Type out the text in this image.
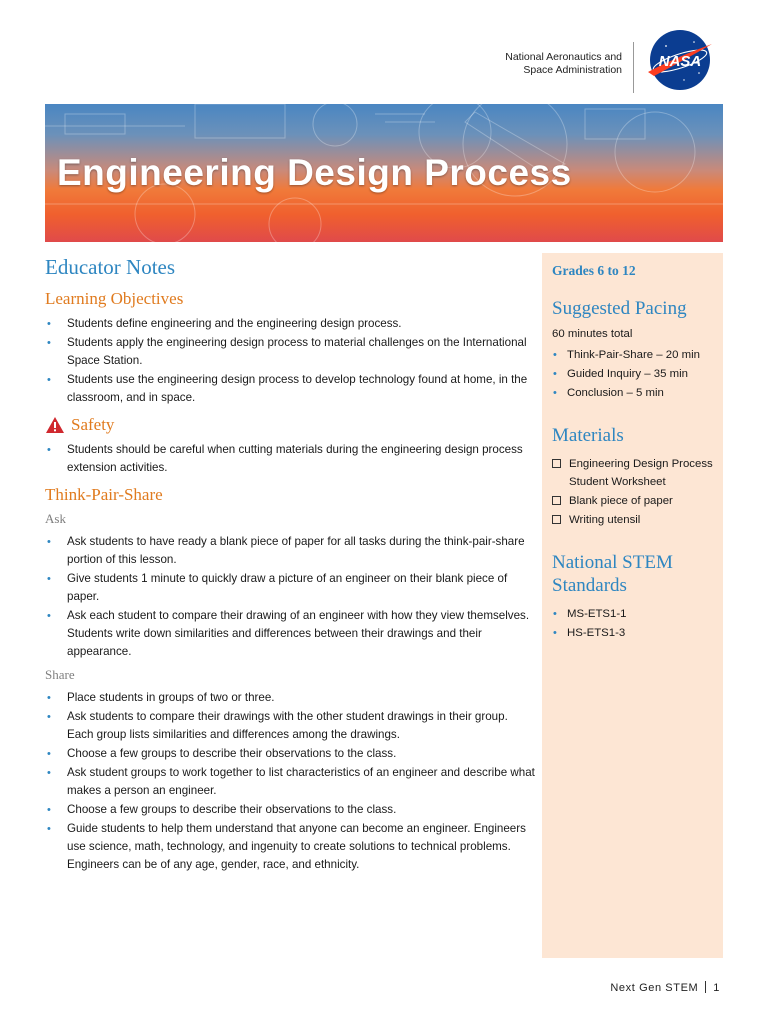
National Aeronautics and
Space Administration NASA
Engineering Design Process
Educator Notes
Learning Objectives
• Students define engineering and the engineering design process.
• Students apply the engineering design process to material challenges on the International Space Station.
• Students use the engineering design process to develop technology found at home, in the classroom, and in space.
Safety
• Students should be careful when cutting materials during the engineering design process extension activities.
Think-Pair-Share
Ask
• Ask students to have ready a blank piece of paper for all tasks during the think-pair-share portion of this lesson.
• Give students 1 minute to quickly draw a picture of an engineer on their blank piece of paper.
• Ask each student to compare their drawing of an engineer with how they view themselves. Students write down similarities and differences between their drawings and their appearance.
Share
• Place students in groups of two or three.
• Ask students to compare their drawings with the other student drawings in their group. Each group lists similarities and differences among the drawings.
• Choose a few groups to describe their observations to the class.
• Ask student groups to work together to list characteristics of an engineer and describe what makes a person an engineer.
• Choose a few groups to describe their observations to the class.
• Guide students to help them understand that anyone can become an engineer. Engineers use science, math, technology, and ingenuity to create solutions to technical problems. Engineers can be of any age, gender, race, and ethnicity.
Grades 6 to 12
Suggested Pacing
60 minutes total
• Think-Pair-Share – 20 min
• Guided Inquiry – 35 min
• Conclusion – 5 min
Materials
Engineering Design Process Student Worksheet
Blank piece of paper
Writing utensil
National STEM Standards
• MS-ETS1-1
• HS-ETS1-3
Next Gen STEM 1
